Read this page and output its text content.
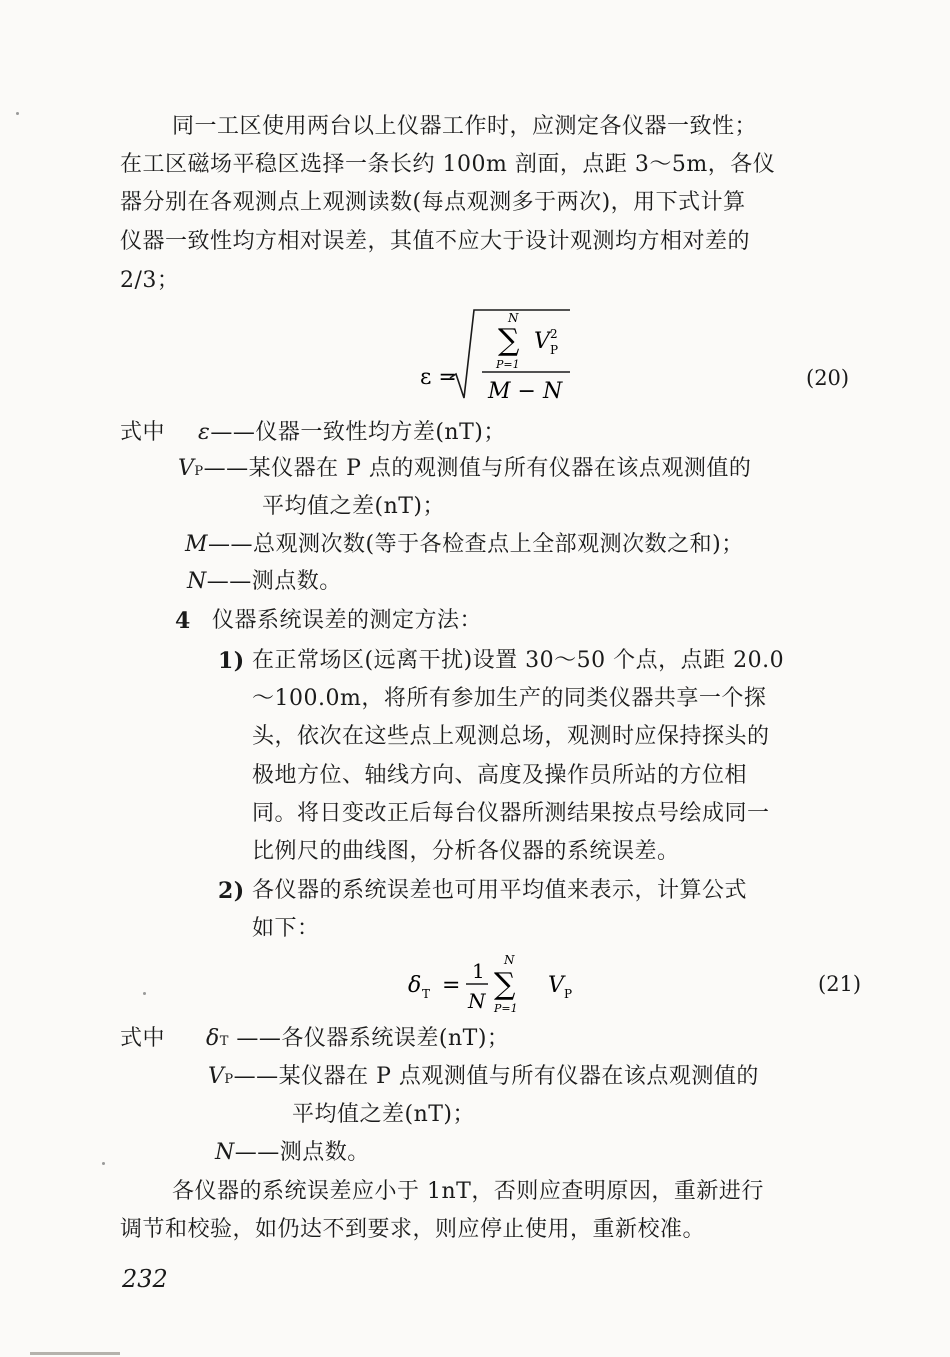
同一工区使用两台以上仪器工作时，应测定各仪器一致性；
在工区磁场平稳区选择一条长约 100m 剖面，点距 3～5m，各仪
器分别在各观测点上观测读数(每点观测多于两次)，用下式计算
仪器一致性均方相对误差，其值不应大于设计观测均方相对差的
2/3；
ε =
N
∑
P=1
V 2
P
M − N
(20)
式中 ε——仪器一致性均方差(nT)；
VP——某仪器在 P 点的观测值与所有仪器在该点观测值的
平均值之差(nT)；
M——总观测次数(等于各检查点上全部观测次数之和)；
N——测点数。
4 仪器系统误差的测定方法：
1) 在正常场区(远离干扰)设置 30～50 个点，点距 20.0
～100.0m，将所有参加生产的同类仪器共享一个探
头，依次在这些点上观测总场，观测时应保持探头的
极地方位、轴线方向、高度及操作员所站的方位相
同。将日变改正后每台仪器所测结果按点号绘成同一
比例尺的曲线图，分析各仪器的系统误差。
2) 各仪器的系统误差也可用平均值来表示，计算公式
如下：
δ T =
1
N
N
∑
P=1
V P	(21)
式中 δT ——各仪器系统误差(nT)；
VP——某仪器在 P 点观测值与所有仪器在该点观测值的
平均值之差(nT)；
N——测点数。
各仪器的系统误差应小于 1nT，否则应查明原因，重新进行
调节和校验，如仍达不到要求，则应停止使用，重新校准。
232
